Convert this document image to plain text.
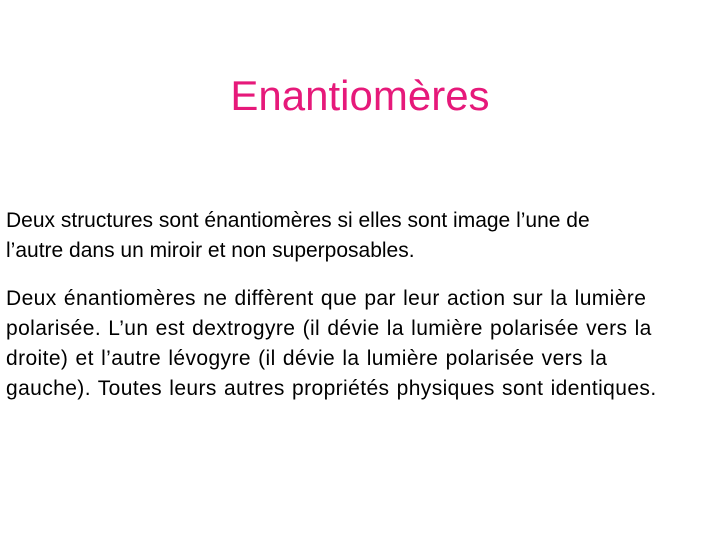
Enantiomères

Deux structures sont énantiomères si elles sont image l’une de
l’autre dans un miroir et non superposables.

Deux énantiomères ne diffèrent que par leur action sur la lumière
polarisée. L’un est dextrogyre (il dévie la lumière polarisée vers la
droite) et l’autre lévogyre (il dévie la lumière polarisée vers la
gauche). Toutes leurs autres propriétés physiques sont identiques.
